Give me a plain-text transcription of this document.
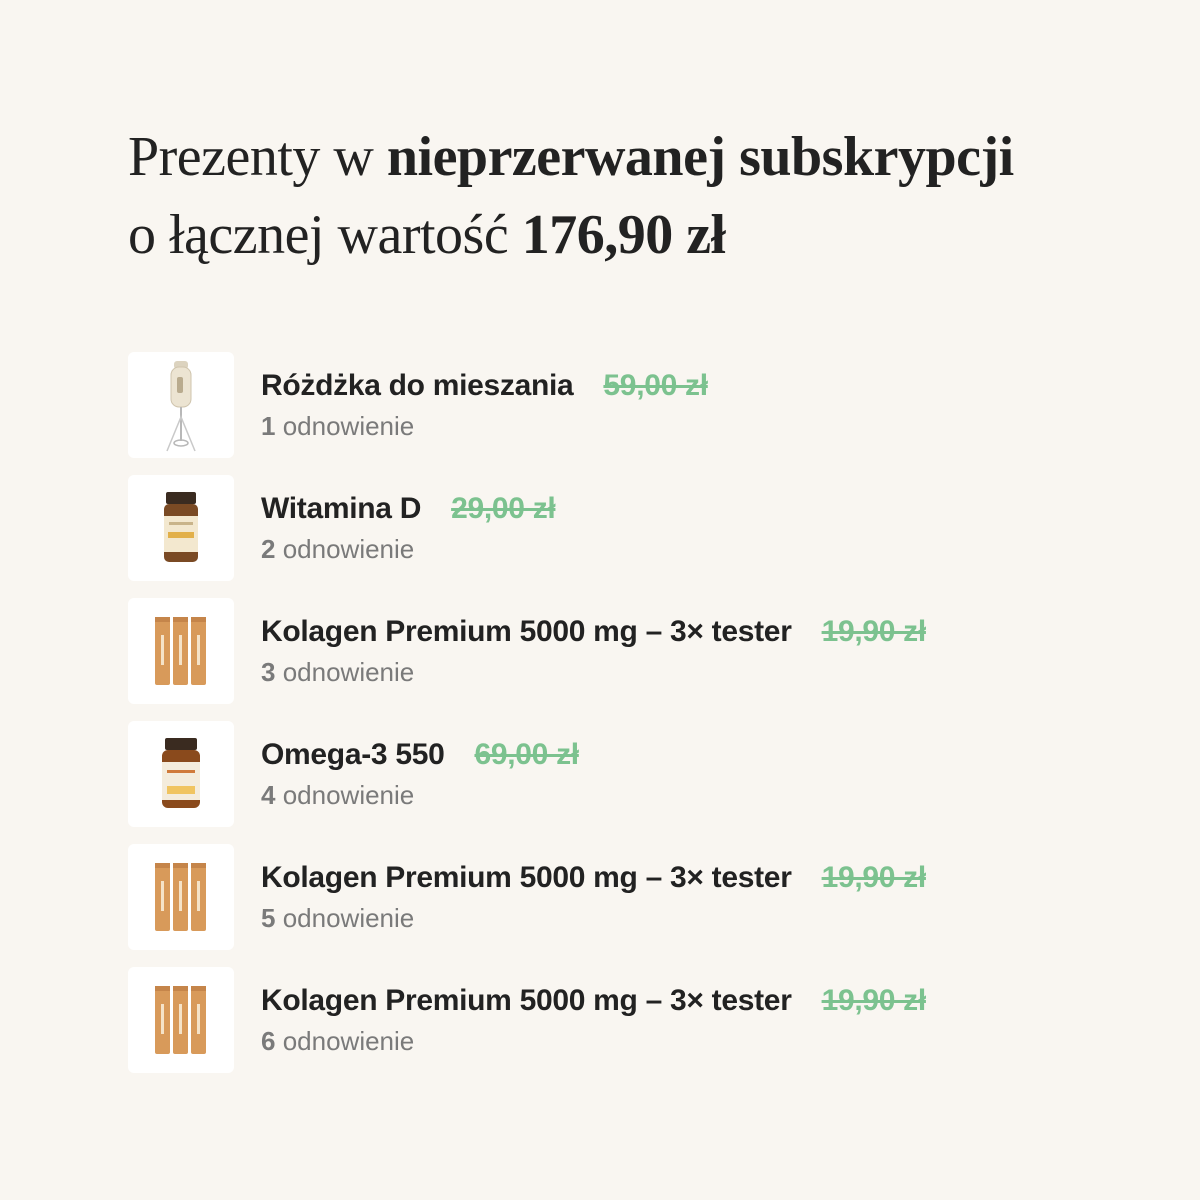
Prezenty w nieprzerwanej subskrypcji
o łącznej wartość 176,90 zł
Różdżka do mieszania 59,00 zł
1 odnowienie
Witamina D 29,00 zł
2 odnowienie
Kolagen Premium 5000 mg – 3× tester 19,90 zł
3 odnowienie
Omega-3 550 69,00 zł
4 odnowienie
Kolagen Premium 5000 mg – 3× tester 19,90 zł
5 odnowienie
Kolagen Premium 5000 mg – 3× tester 19,90 zł
6 odnowienie
